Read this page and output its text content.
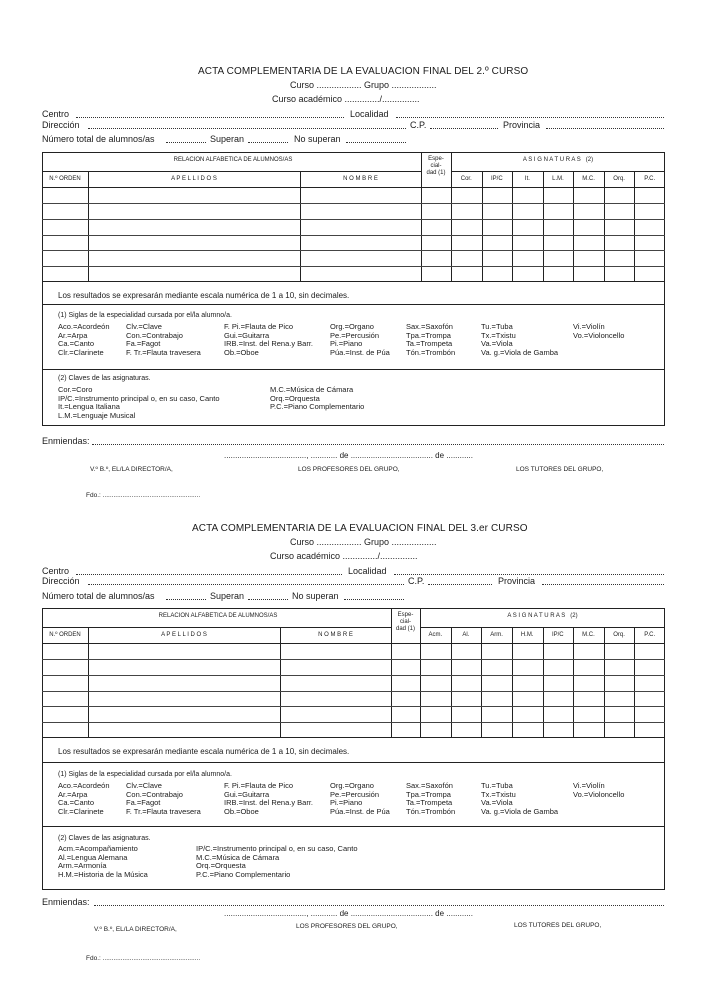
ACTA COMPLEMENTARIA DE LA EVALUACION FINAL DEL 2.º CURSO
Curso .................. Grupo ..................
Curso académico ............../...............
Centro	Localidad
Dirección	C.P.	Provincia
Número total de alumnos/as	Superan	No superan
RELACION ALFABETICA DE ALUMNOS/AS
N.º ORDEN	A P E L L I D O S	N O M B R E
Espe-
cial-
dad (1)
A S I G N A T U R A S   (2)
Cor.	IP/C	It.	L.M.	M.C.	Orq.	P.C.
Los resultados se expresarán mediante escala numérica de 1 a 10, sin decimales.
(1) Siglas de la especialidad cursada por el/la alumno/a.
Aco.=Acordeón
Ar.=Arpa
Ca.=Canto
Clr.=Clarinete
Clv.=Clave
Con.=Contrabajo
Fa.=Fagot
F. Tr.=Flauta travesera
F. Pi.=Flauta de Pico
Gui.=Guitarra
IRB.=Inst. del Rena.y Barr.
Ob.=Oboe
Org.=Organo
Pe.=Percusión
Pi.=Piano
Púa.=Inst. de Púa
Sax.=Saxofón
Tpa.=Trompa
Ta.=Trompeta
Tón.=Trombón
Tu.=Tuba
Tx.=Txistu
Va.=Viola
Va. g.=Viola de Gamba
Vi.=Violín
Vo.=Violoncello
(2) Claves de las asignaturas.
Cor.=Coro
IP/C.=Instrumento principal o, en su caso, Canto
It.=Lengua Italiana
L.M.=Lenguaje Musical
M.C.=Música de Cámara
Orq.=Orquesta
P.C.=Piano Complementario
Enmiendas:
....................................., ............ de ..................................... de ............
V.º B.º, EL/LA DIRECTOR/A,	LOS PROFESORES DEL GRUPO,	LOS TUTORES DEL GRUPO,
Fdo.: ......................................................
ACTA COMPLEMENTARIA DE LA EVALUACION FINAL DEL 3.er CURSO
Curso .................. Grupo ..................
Curso académico ............../...............
Centro	Localidad
Dirección	C.P.	Provincia
Número total de alumnos/as	Superan	No superan
RELACION ALFABETICA DE ALUMNOS/AS
N.º ORDEN	A P E L L I D O S	N O M B R E
Espe-
cial-
dad (1)
A S I G N A T U R A S   (2)
Acm.	Al.	Arm.	H.M.	IP/C	M.C.	Orq.	P.C.
Los resultados se expresarán mediante escala numérica de 1 a 10, sin decimales.
(1) Siglas de la especialidad cursada por el/la alumno/a.
Aco.=Acordeón
Ar.=Arpa
Ca.=Canto
Clr.=Clarinete
Clv.=Clave
Con.=Contrabajo
Fa.=Fagot
F. Tr.=Flauta travesera
F. Pi.=Flauta de Pico
Gui.=Guitarra
IRB.=Inst. del Rena.y Barr.
Ob.=Oboe
Org.=Organo
Pe.=Percusión
Pi.=Piano
Púa.=Inst. de Púa
Sax.=Saxofón
Tpa.=Trompa
Ta.=Trompeta
Tón.=Trombón
Tu.=Tuba
Tx.=Txistu
Va.=Viola
Va. g.=Viola de Gamba
Vi.=Violín
Vo.=Violoncello
(2) Claves de las asignaturas.
Acm.=Acompañamiento
Al.=Lengua Alemana
Arm.=Armonía
H.M.=Historia de la Música
IP/C.=Instrumento principal o, en su caso, Canto
M.C.=Música de Cámara
Orq.=Orquesta
P.C.=Piano Complementario
Enmiendas:
....................................., ............ de ..................................... de ............
V.º B.º, EL/LA DIRECTOR/A,	LOS PROFESORES DEL GRUPO,	LOS TUTORES DEL GRUPO,
Fdo.: ......................................................
